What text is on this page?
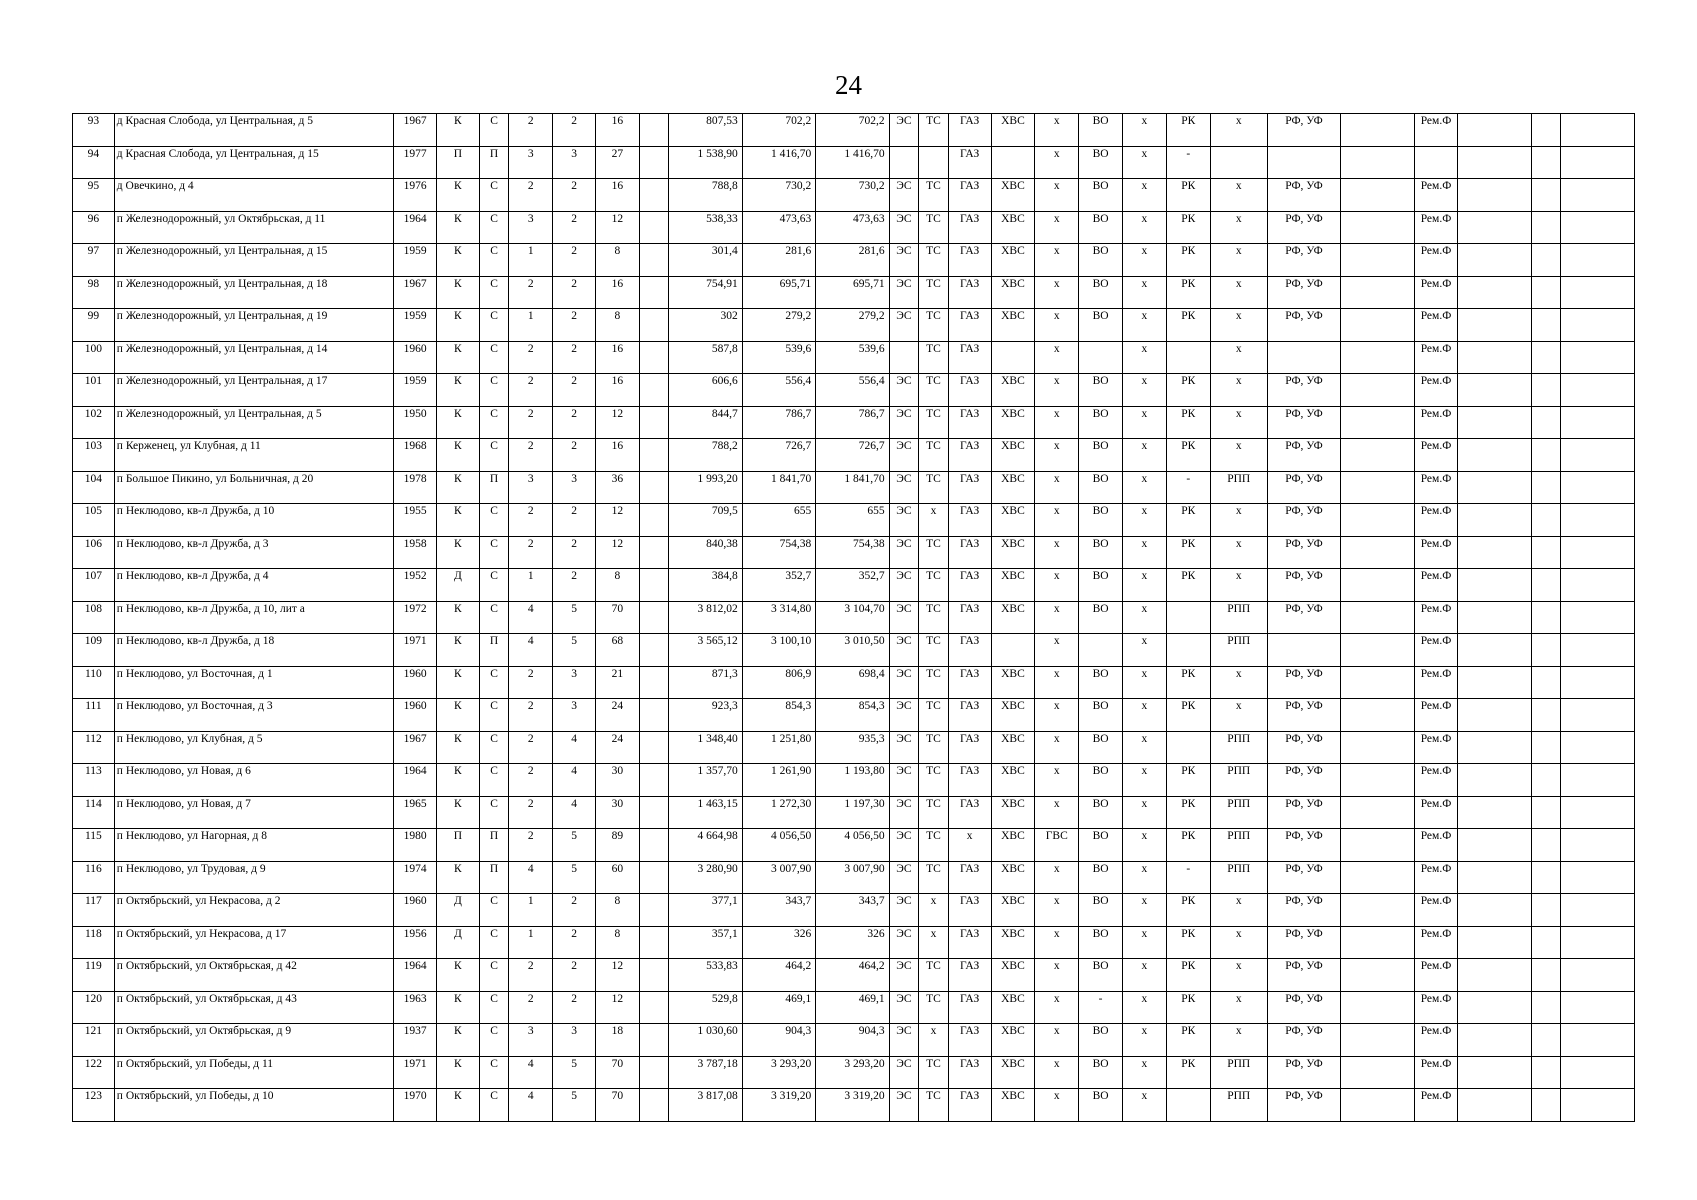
24
93	д Красная Слобода, ул Центральная, д 5	1967	К	С	2	2	16		807,53	702,2	702,2	ЭС	ТС	ГАЗ	ХВС	х	ВО	х	РК	х	РФ, УФ		Рем.Ф			
94	д Красная Слобода, ул Центральная, д 15	1977	П	П	3	3	27		1 538,90	1 416,70	1 416,70			ГАЗ		х	ВО	х	-							
95	д Овечкино, д 4	1976	К	С	2	2	16		788,8	730,2	730,2	ЭС	ТС	ГАЗ	ХВС	х	ВО	х	РК	х	РФ, УФ		Рем.Ф			
96	п Железнодорожный, ул Октябрьская, д 11	1964	К	С	3	2	12		538,33	473,63	473,63	ЭС	ТС	ГАЗ	ХВС	х	ВО	х	РК	х	РФ, УФ		Рем.Ф			
97	п Железнодорожный, ул Центральная, д 15	1959	К	С	1	2	8		301,4	281,6	281,6	ЭС	ТС	ГАЗ	ХВС	х	ВО	х	РК	х	РФ, УФ		Рем.Ф			
98	п Железнодорожный, ул Центральная, д 18	1967	К	С	2	2	16		754,91	695,71	695,71	ЭС	ТС	ГАЗ	ХВС	х	ВО	х	РК	х	РФ, УФ		Рем.Ф			
99	п Железнодорожный, ул Центральная, д 19	1959	К	С	1	2	8		302	279,2	279,2	ЭС	ТС	ГАЗ	ХВС	х	ВО	х	РК	х	РФ, УФ		Рем.Ф			
100	п Железнодорожный, ул Центральная, д 14	1960	К	С	2	2	16		587,8	539,6	539,6		ТС	ГАЗ		х		х		х			Рем.Ф			
101	п Железнодорожный, ул Центральная, д 17	1959	К	С	2	2	16		606,6	556,4	556,4	ЭС	ТС	ГАЗ	ХВС	х	ВО	х	РК	х	РФ, УФ		Рем.Ф			
102	п Железнодорожный, ул Центральная, д 5	1950	К	С	2	2	12		844,7	786,7	786,7	ЭС	ТС	ГАЗ	ХВС	х	ВО	х	РК	х	РФ, УФ		Рем.Ф			
103	п Керженец, ул Клубная, д 11	1968	К	С	2	2	16		788,2	726,7	726,7	ЭС	ТС	ГАЗ	ХВС	х	ВО	х	РК	х	РФ, УФ		Рем.Ф			
104	п Большое Пикино, ул Больничная, д 20	1978	К	П	3	3	36		1 993,20	1 841,70	1 841,70	ЭС	ТС	ГАЗ	ХВС	х	ВО	х	-	РПП	РФ, УФ		Рем.Ф			
105	п Неклюдово, кв-л Дружба, д 10	1955	К	С	2	2	12		709,5	655	655	ЭС	х	ГАЗ	ХВС	х	ВО	х	РК	х	РФ, УФ		Рем.Ф			
106	п Неклюдово, кв-л Дружба, д 3	1958	К	С	2	2	12		840,38	754,38	754,38	ЭС	ТС	ГАЗ	ХВС	х	ВО	х	РК	х	РФ, УФ		Рем.Ф			
107	п Неклюдово, кв-л Дружба, д 4	1952	Д	С	1	2	8		384,8	352,7	352,7	ЭС	ТС	ГАЗ	ХВС	х	ВО	х	РК	х	РФ, УФ		Рем.Ф			
108	п Неклюдово, кв-л Дружба, д 10, лит а	1972	К	С	4	5	70		3 812,02	3 314,80	3 104,70	ЭС	ТС	ГАЗ	ХВС	х	ВО	х		РПП	РФ, УФ		Рем.Ф			
109	п Неклюдово, кв-л Дружба, д 18	1971	К	П	4	5	68		3 565,12	3 100,10	3 010,50	ЭС	ТС	ГАЗ		х		х		РПП			Рем.Ф			
110	п Неклюдово, ул Восточная, д 1	1960	К	С	2	3	21		871,3	806,9	698,4	ЭС	ТС	ГАЗ	ХВС	х	ВО	х	РК	х	РФ, УФ		Рем.Ф			
111	п Неклюдово, ул Восточная, д 3	1960	К	С	2	3	24		923,3	854,3	854,3	ЭС	ТС	ГАЗ	ХВС	х	ВО	х	РК	х	РФ, УФ		Рем.Ф			
112	п Неклюдово, ул Клубная, д 5	1967	К	С	2	4	24		1 348,40	1 251,80	935,3	ЭС	ТС	ГАЗ	ХВС	х	ВО	х		РПП	РФ, УФ		Рем.Ф			
113	п Неклюдово, ул Новая, д 6	1964	К	С	2	4	30		1 357,70	1 261,90	1 193,80	ЭС	ТС	ГАЗ	ХВС	х	ВО	х	РК	РПП	РФ, УФ		Рем.Ф			
114	п Неклюдово, ул Новая, д 7	1965	К	С	2	4	30		1 463,15	1 272,30	1 197,30	ЭС	ТС	ГАЗ	ХВС	х	ВО	х	РК	РПП	РФ, УФ		Рем.Ф			
115	п Неклюдово, ул Нагорная, д 8	1980	П	П	2	5	89		4 664,98	4 056,50	4 056,50	ЭС	ТС	х	ХВС	ГВС	ВО	х	РК	РПП	РФ, УФ		Рем.Ф			
116	п Неклюдово, ул Трудовая, д 9	1974	К	П	4	5	60		3 280,90	3 007,90	3 007,90	ЭС	ТС	ГАЗ	ХВС	х	ВО	х	-	РПП	РФ, УФ		Рем.Ф			
117	п Октябрьский, ул Некрасова, д 2	1960	Д	С	1	2	8		377,1	343,7	343,7	ЭС	х	ГАЗ	ХВС	х	ВО	х	РК	х	РФ, УФ		Рем.Ф			
118	п Октябрьский, ул Некрасова, д 17	1956	Д	С	1	2	8		357,1	326	326	ЭС	х	ГАЗ	ХВС	х	ВО	х	РК	х	РФ, УФ		Рем.Ф			
119	п Октябрьский, ул Октябрьская, д 42	1964	К	С	2	2	12		533,83	464,2	464,2	ЭС	ТС	ГАЗ	ХВС	х	ВО	х	РК	х	РФ, УФ		Рем.Ф			
120	п Октябрьский, ул Октябрьская, д 43	1963	К	С	2	2	12		529,8	469,1	469,1	ЭС	ТС	ГАЗ	ХВС	х	-	х	РК	х	РФ, УФ		Рем.Ф			
121	п Октябрьский, ул Октябрьская, д 9	1937	К	С	3	3	18		1 030,60	904,3	904,3	ЭС	х	ГАЗ	ХВС	х	ВО	х	РК	х	РФ, УФ		Рем.Ф			
122	п Октябрьский, ул Победы, д 11	1971	К	С	4	5	70		3 787,18	3 293,20	3 293,20	ЭС	ТС	ГАЗ	ХВС	х	ВО	х	РК	РПП	РФ, УФ		Рем.Ф			
123	п Октябрьский, ул Победы, д 10	1970	К	С	4	5	70		3 817,08	3 319,20	3 319,20	ЭС	ТС	ГАЗ	ХВС	х	ВО	х		РПП	РФ, УФ		Рем.Ф			
